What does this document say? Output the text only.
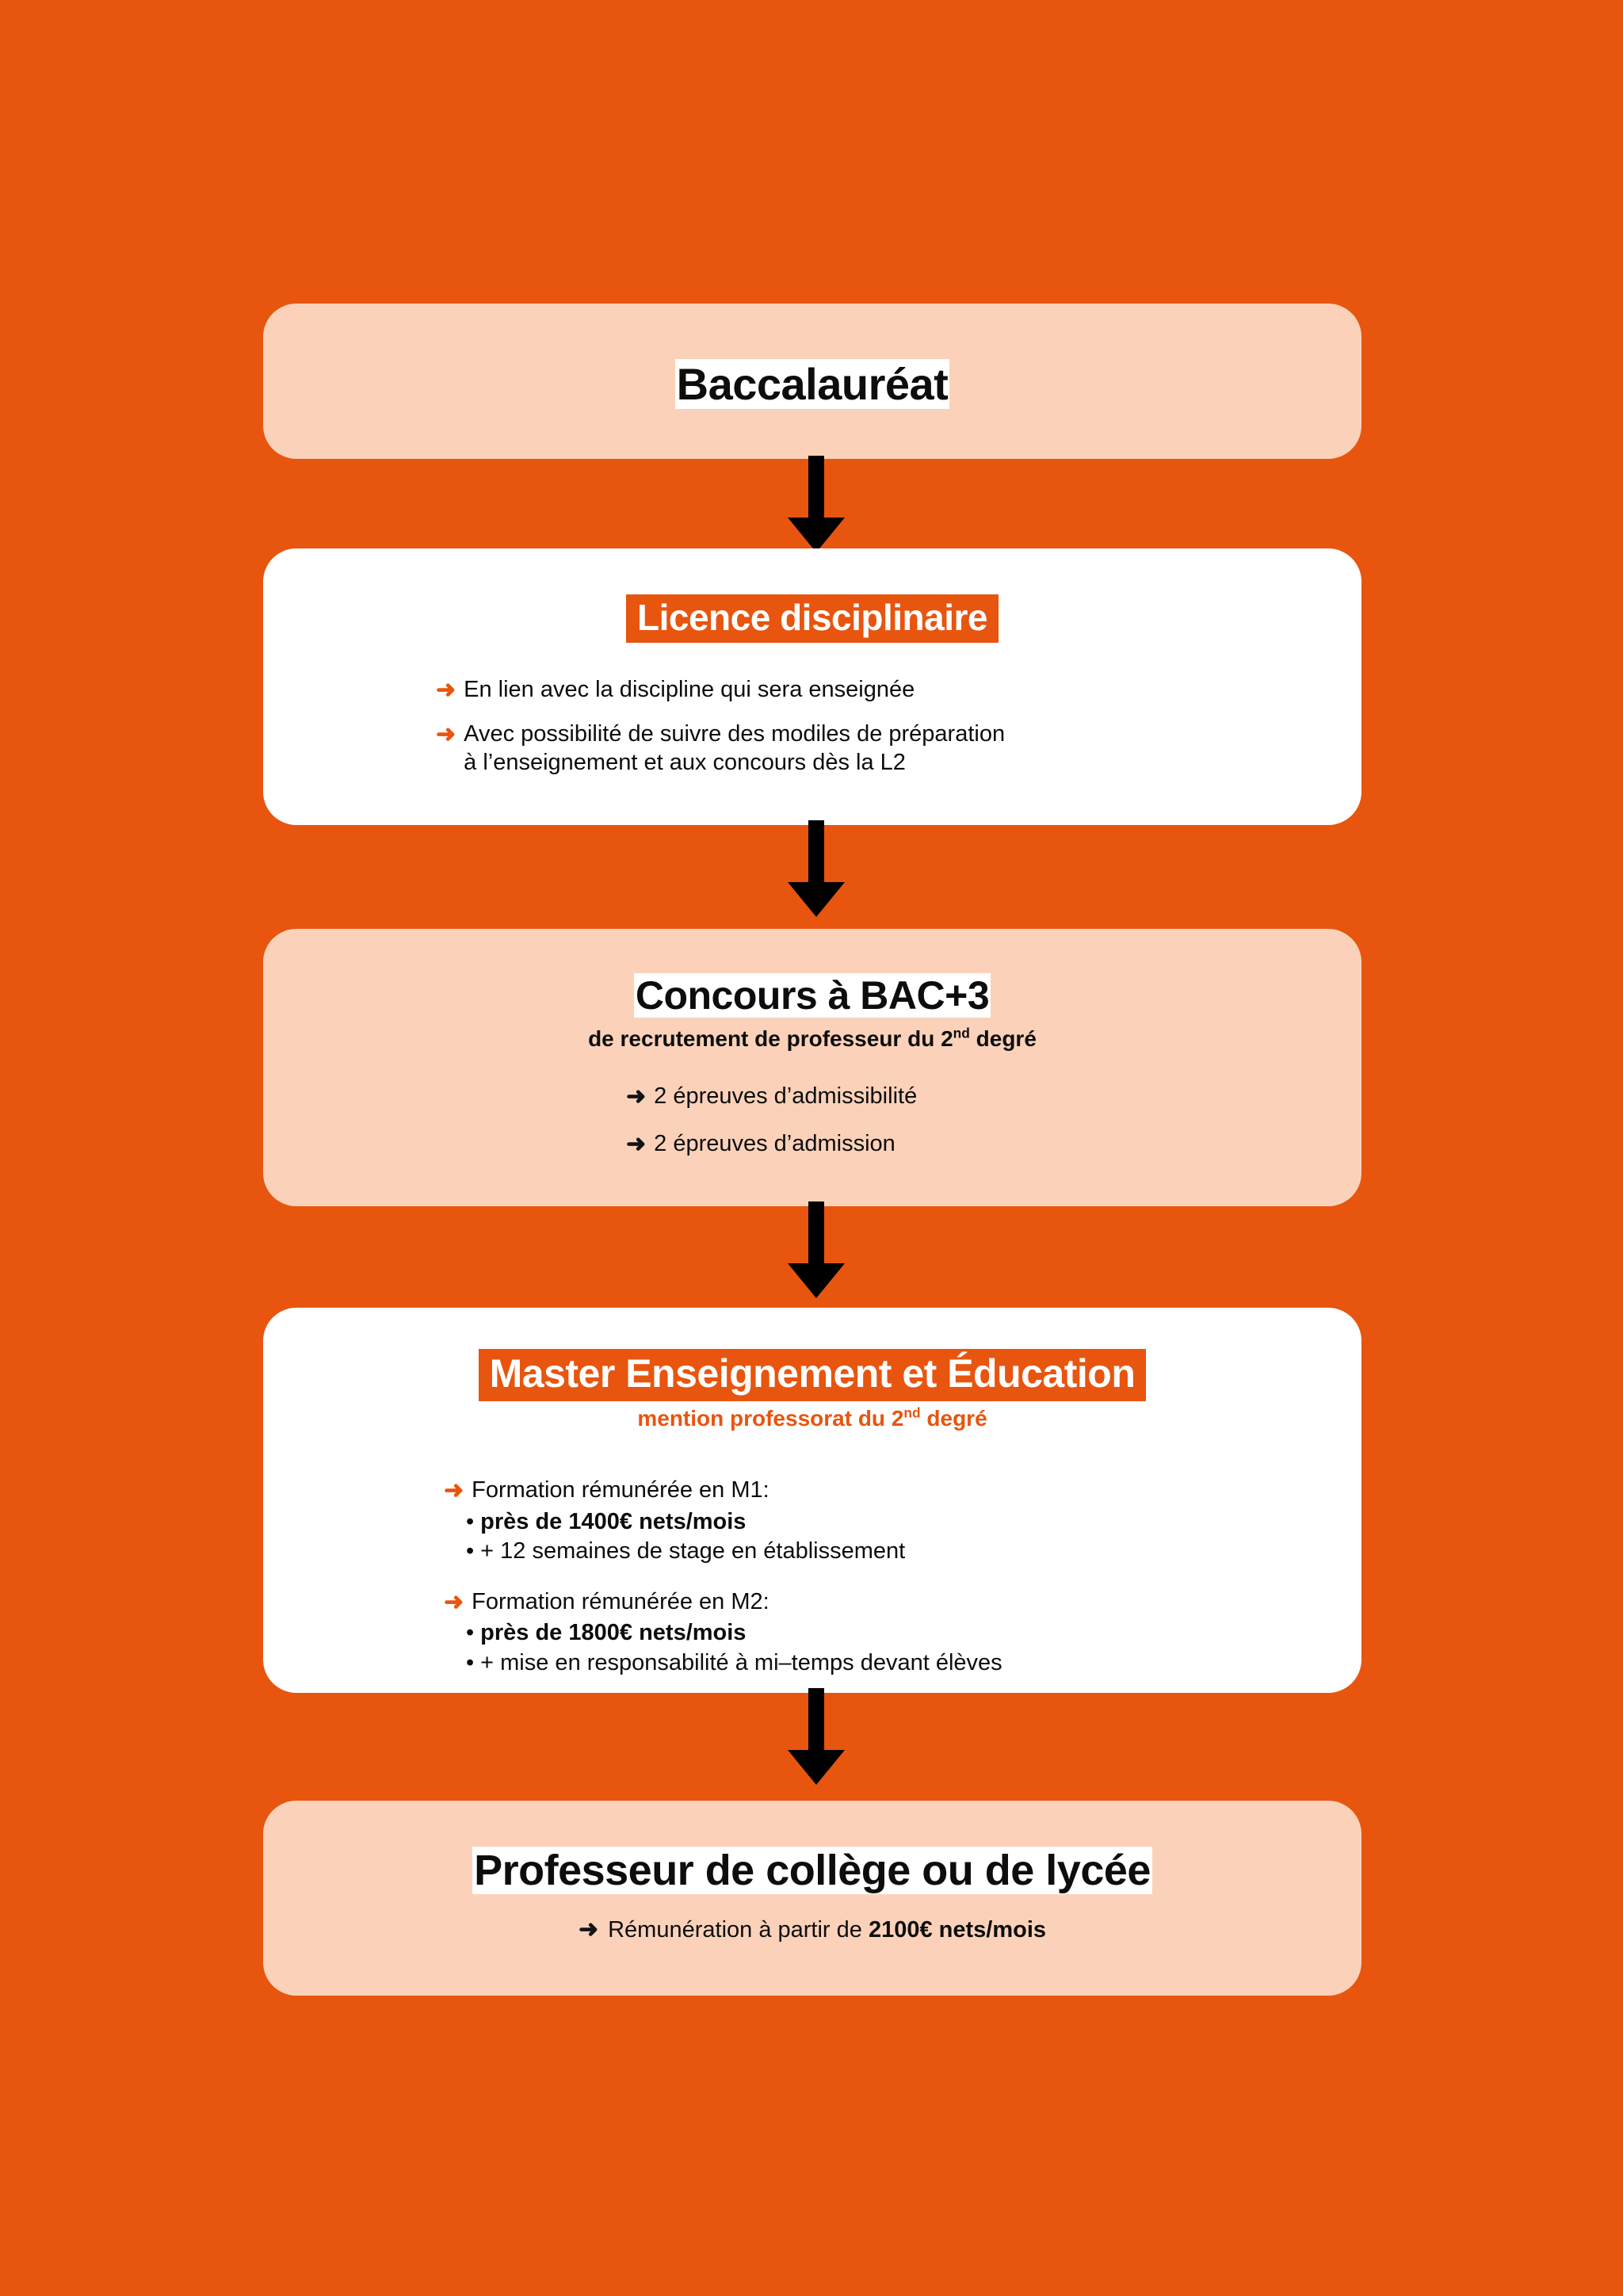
Baccalauréat
Licence disciplinaire
➜ En lien avec la discipline qui sera enseignée
➜ Avec possibilité de suivre des modiles de préparation
à l’enseignement et aux concours dès la L2
Concours à BAC+3
de recrutement de professeur du 2nd degré
➜ 2 épreuves d’admissibilité
➜ 2 épreuves d’admission
Master Enseignement et Éducation
mention professorat du 2nd degré
➜ Formation rémunérée en M1:
• près de 1400€ nets/mois
• + 12 semaines de stage en établissement
➜ Formation rémunérée en M2:
• près de 1800€ nets/mois
• + mise en responsabilité à mi–temps devant élèves
Professeur de collège ou de lycée
➜ Rémunération à partir de 2100€ nets/mois
